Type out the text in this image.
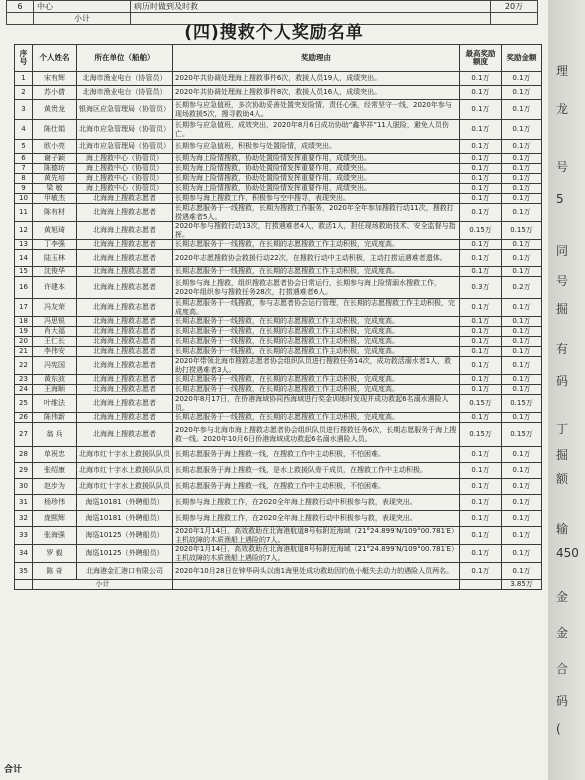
6	中心	病历时做到及时救	20万
	小计		
(四)搜救个人奖励名单
序号	个人姓名	所在单位（船舶）	奖励理由	最高奖励额度	奖励金额
1	宋有辉	北海市渔业电台（协管员）	2020年共协调处理海上搜救事件6次，救援人员19人，成绩突出。	0.1万	0.1万
2	苏小倩	北海市渔业电台（协管员）	2020年共协调处理海上搜救事件8次，救援人员16人，成绩突出。	0.1万	0.1万
3	黄贵龙	银海区应急管理局（协管员）	长期参与应急值班，多次协助妥善处置突发险情，责任心强，经常坚守一线，2020年参与现场救援5次，搜寻救助4人。	0.1万	0.1万
4	陈仕娟	北海市应急管理局（协管员）	长期参与应急值班，成效突出，2020年8月6日成功协助“鑫华祥”11人脱险，避免人员伤亡。	0.1万	0.1万
5	欧小亮	北海市应急管理局（协管员）	长期参与应急值班，积极参与处置险情，成绩突出。	0.1万	0.1万
6	谢子颖	海上搜救中心（协管员）	长期为海上险情搜救，协助处置险情发挥重要作用，成绩突出。	0.1万	0.1万
7	陈德坊	海上搜救中心（协管员）	长期为海上险情搜救，协助处置险情发挥重要作用，成绩突出。	0.1万	0.1万
8	黄先培	海上搜救中心（协管员）	长期为海上险情搜救，协助处置险情发挥重要作用，成绩突出。	0.1万	0.1万
9	梁 敏	海上搜救中心（协管员）	长期为海上险情搜救，协助处置险情发挥重要作用，成绩突出。	0.1万	0.1万
10	甲敏杰	北海海上搜救志愿者	长期参与海上搜救工作，积极参与空中搜寻，表现突出。	0.1万	0.1万
11	陈有材	北海海上搜救志愿者	长期志愿服务于一线搜救，长期为搜救工作服务，2020年全年参加搜救行动11次，搜救打捞遇难者5人。	0.1万	0.1万
12	黄旭琦	北海海上搜救志愿者	2020年参与搜救行动13次，打捞遇难者4人，救活1人，担任现场救助技术、安全监督与指挥。	0.15万	0.15万
13	丁李强	北海海上搜救志愿者	长期志愿服务于一线搜救，在长期的志愿搜救工作主动积极，完成度高。	0.1万	0.1万
14	陆玉林	北海海上搜救志愿者	2020年志愿搜救协会救援行动22次，在搜救行动中主动积极，主动打捞运遇难者遗体。	0.1万	0.1万
15	沈俊华	北海海上搜救志愿者	长期志愿服务于一线搜救，在长期的志愿搜救工作主动积极，完成度高。	0.1万	0.1万
16	许建本	北海海上搜救志愿者	长期参与海上搜救，组织搜救志愿者协会日常运行，长期参与海上险情溺水搜救工作，2020年组织参与搜救任务28次，打捞遇难者6人。	0.3万	0.2万
17	冯友荣	北海海上搜救志愿者	长期志愿服务于一线搜救，参与志愿者协会运行管理，在长期的志愿搜救工作主动积极，完成度高。	0.1万	0.1万
18	冯思锐	北海海上搜救志愿者	长期志愿服务于一线搜救，在长期的志愿搜救工作主动积极，完成度高。	0.1万	0.1万
19	肖大福	北海海上搜救志愿者	长期志愿服务于一线搜救，在长期的志愿搜救工作主动积极，完成度高。	0.1万	0.1万
20	王仁长	北海海上搜救志愿者	长期志愿服务于一线搜救，在长期的志愿搜救工作主动积极，完成度高。	0.1万	0.1万
21	李伟安	北海海上搜救志愿者	长期志愿服务于一线搜救，在长期的志愿搜救工作主动积极，完成度高。	0.1万	0.1万
22	冯宪国	北海海上搜救志愿者	2020年带领北海市搜救志愿者协会组织队员进行搜救任务14次，成功救活溺水者1人，救助打捞遇难者3人。	0.1万	0.1万
23	黄东波	北海海上搜救志愿者	长期志愿服务于一线搜救，在长期的志愿搜救工作主动积极，完成度高。	0.1万	0.1万
24	王海顺	北海海上搜救志愿者	长期志愿服务于一线搜救，在长期的志愿搜救工作主动积极，完成度高。	0.1万	0.1万
25	叶维法	北海海上搜救志愿者	2020年8月17日，在侨港海域协同西海域进行奖金训练时发现并成功救起6名溺水遇险人员。	0.15万	0.15万
26	陈伟新	北海海上搜救志愿者	长期志愿服务于一线搜救，在长期的志愿搜救工作主动积极，完成度高。	0.1万	0.1万
27	翁 兵	北海海上搜救志愿者	2020年参与北海市海上搜救志愿者协会组织队员进行搜救任务6次，长期志愿服务于海上搜救一线。2020年10月6日侨港海域成功救起6名溺水遇险人员。	0.15万	0.15万
28	单祝忠	北海市红十字水上救援队队员	长期志愿服务于海上搜救一线，在搜救工作中主动积极，不怕困难。	0.1万	0.1万
29	张绍康	北海市红十字水上救援队队员	长期志愿服务于海上搜救一线，是水上救援队骨干成员，在搜救工作中主动积极。	0.1万	0.1万
30	赵步为	北海市红十字水上救援队队员	长期志愿服务于海上搜救一线，在搜救工作中主动积极，不怕困难。	0.1万	0.1万
31	杨珍伟	海巡10181（外聘船员）	长期参与海上搜救工作，在2020全年海上搜救行动中积极参与救，表现突出。	0.1万	0.1万
32	庞熙辉	海巡10181（外聘船员）	长期参与海上搜救工作，在2020全年海上搜救行动中积极参与救，表现突出。	0.1万	0.1万
33	张海强	海巡10125（外聘船员）	2020年1月14日，高效救助在北海港航道8号标附近海域（21°24.899′N/109°00.781′E）主机故障的木质渔船上遇险的7人。	0.1万	0.1万
34	罗 毅	海巡10125（外聘船员）	2020年1月14日，高效救助在北海港航道8号标附近海域（21°24.899′N/109°00.781′E）主机故障的木质渔船上遇险的7人。	0.1万	0.1万
35	陈 奇	北海港金汇港口有限公司	2020年10月28日在钟华码头以南1海里处成功救助因钓鱼小艇失去动力的遇险人员两名。	0.1万	0.1万
	小计				3.85万
合计
理
龙
号
5
同
号
掘
有
码
丁
掘
额
输
450
金
金
合
码
(
